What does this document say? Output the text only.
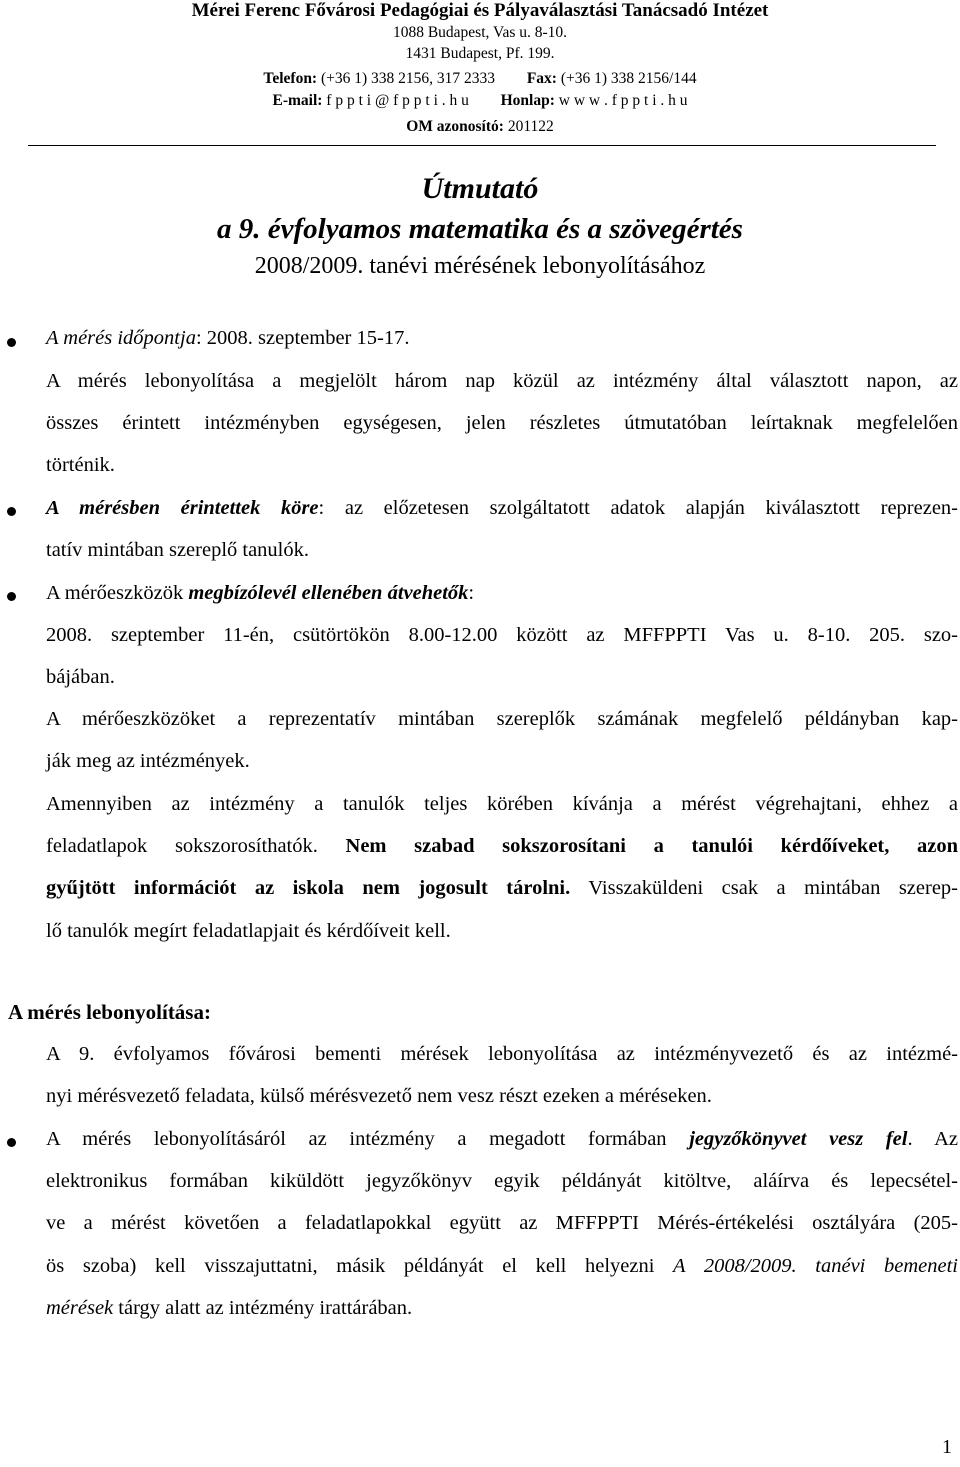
Mérei Ferenc Fővárosi Pedagógiai és Pályaválasztási Tanácsadó Intézet
1088 Budapest, Vas u. 8-10.
1431 Budapest, Pf. 199.
Telefon: (+36 1) 338 2156, 317 2333 Fax: (+36 1) 338 2156/144
E-mail: f p p t i @ f p p t i . h u Honlap: w w w . f p p t i . h u
OM azonosító: 201122
Útmutató
a 9. évfolyamos matematika és a szövegértés
2008/2009. tanévi mérésének lebonyolításához
A mérés időpontja: 2008. szeptember 15-17.
A mérés lebonyolítása a megjelölt három nap közül az intézmény által választott napon, az
összes érintett intézményben egységesen, jelen részletes útmutatóban leírtaknak megfelelően
történik.
A mérésben érintettek köre: az előzetesen szolgáltatott adatok alapján kiválasztott reprezen-
tatív mintában szereplő tanulók.
A mérőeszközök megbízólevél ellenében átvehetők:
2008. szeptember 11-én, csütörtökön 8.00-12.00 között az MFFPPTI Vas u. 8-10. 205. szo-
bájában.
A mérőeszközöket a reprezentatív mintában szereplők számának megfelelő példányban kap-
ják meg az intézmények.
Amennyiben az intézmény a tanulók teljes körében kívánja a mérést végrehajtani, ehhez a
feladatlapok sokszorosíthatók. Nem szabad sokszorosítani a tanulói kérdőíveket, azon
gyűjtött információt az iskola nem jogosult tárolni. Visszaküldeni csak a mintában szerep-
lő tanulók megírt feladatlapjait és kérdőíveit kell.
A mérés lebonyolítása:
A 9. évfolyamos fővárosi bementi mérések lebonyolítása az intézményvezető és az intézmé-
nyi mérésvezető feladata, külső mérésvezető nem vesz részt ezeken a méréseken.
A mérés lebonyolításáról az intézmény a megadott formában jegyzőkönyvet vesz fel. Az
elektronikus formában kiküldött jegyzőkönyv egyik példányát kitöltve, aláírva és lepecsétel-
ve a mérést követően a feladatlapokkal együtt az MFFPPTI Mérés-értékelési osztályára (205-
ös szoba) kell visszajuttatni, másik példányát el kell helyezni A 2008/2009. tanévi bemeneti
mérések tárgy alatt az intézmény irattárában.
1
